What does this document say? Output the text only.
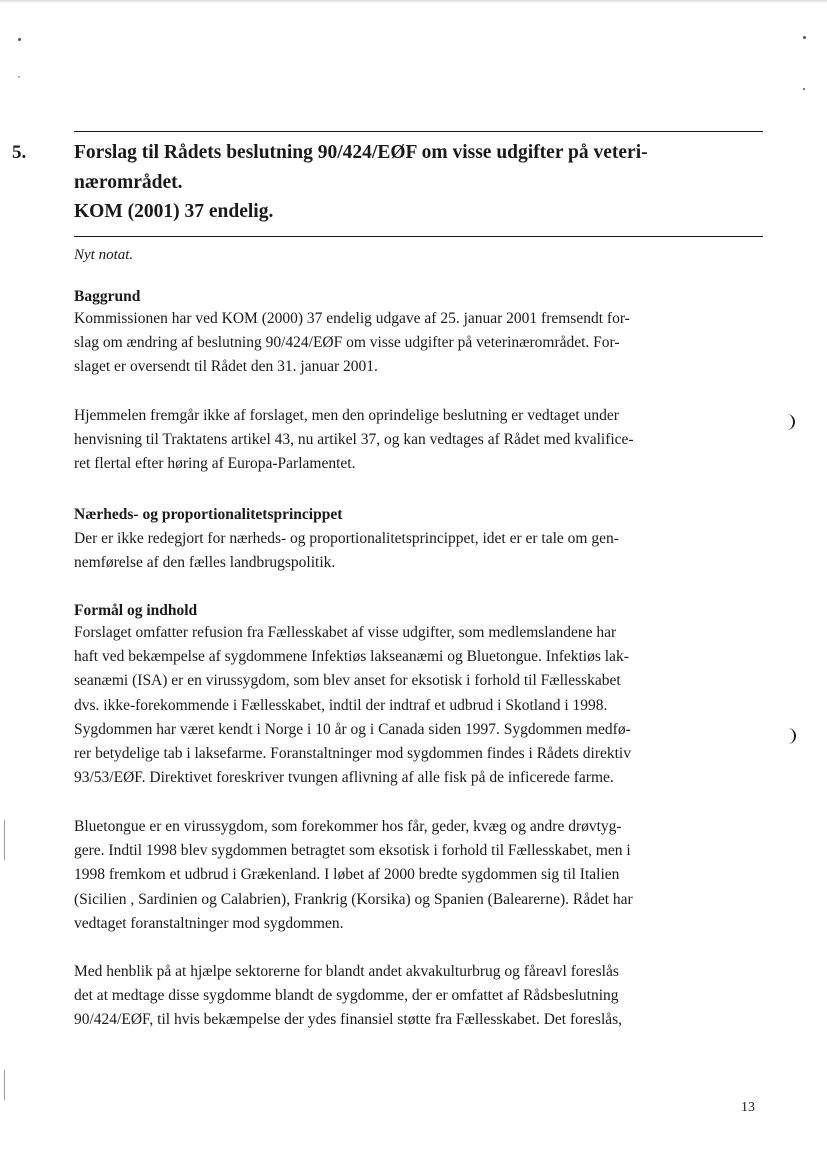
5. Forslag til Rådets beslutning 90/424/EØF om visse udgifter på veteri-
nærområdet.
KOM (2001) 37 endelig.
Nyt notat.
Baggrund
Kommissionen har ved KOM (2000) 37 endelig udgave af 25. januar 2001 fremsendt for-
slag om ændring af beslutning 90/424/EØF om visse udgifter på veterinærområdet. For-
slaget er oversendt til Rådet den 31. januar 2001.
Hjemmelen fremgår ikke af forslaget, men den oprindelige beslutning er vedtaget under
henvisning til Traktatens artikel 43, nu artikel 37, og kan vedtages af Rådet med kvalifice-
ret flertal efter høring af Europa-Parlamentet.
Nærheds- og proportionalitetsprincippet
Der er ikke redegjort for nærheds- og proportionalitetsprincippet, idet er er tale om gen-
nemførelse af den fælles landbrugspolitik.
Formål og indhold
Forslaget omfatter refusion fra Fællesskabet af visse udgifter, som medlemslandene har
haft ved bekæmpelse af sygdommene Infektiøs lakseanæmi og Bluetongue. Infektiøs lak-
seanæmi (ISA) er en virussygdom, som blev anset for eksotisk i forhold til Fællesskabet
dvs. ikke-forekommende i Fællesskabet, indtil der indtraf et udbrud i Skotland i 1998.
Sygdommen har været kendt i Norge i 10 år og i Canada siden 1997. Sygdommen medfø-
rer betydelige tab i laksefarme. Foranstaltninger mod sygdommen findes i Rådets direktiv
93/53/EØF. Direktivet foreskriver tvungen aflivning af alle fisk på de inficerede farme.
Bluetongue er en virussygdom, som forekommer hos får, geder, kvæg og andre drøvtyg-
gere. Indtil 1998 blev sygdommen betragtet som eksotisk i forhold til Fællesskabet, men i
1998 fremkom et udbrud i Grækenland. I løbet af 2000 bredte sygdommen sig til Italien
(Sicilien , Sardinien og Calabrien), Frankrig (Korsika) og Spanien (Balearerne). Rådet har
vedtaget foranstaltninger mod sygdommen.
Med henblik på at hjælpe sektorerne for blandt andet akvakulturbrug og fåreavl foreslås
det at medtage disse sygdomme blandt de sygdomme, der er omfattet af Rådsbeslutning
90/424/EØF, til hvis bekæmpelse der ydes finansiel støtte fra Fællesskabet. Det foreslås,
13
